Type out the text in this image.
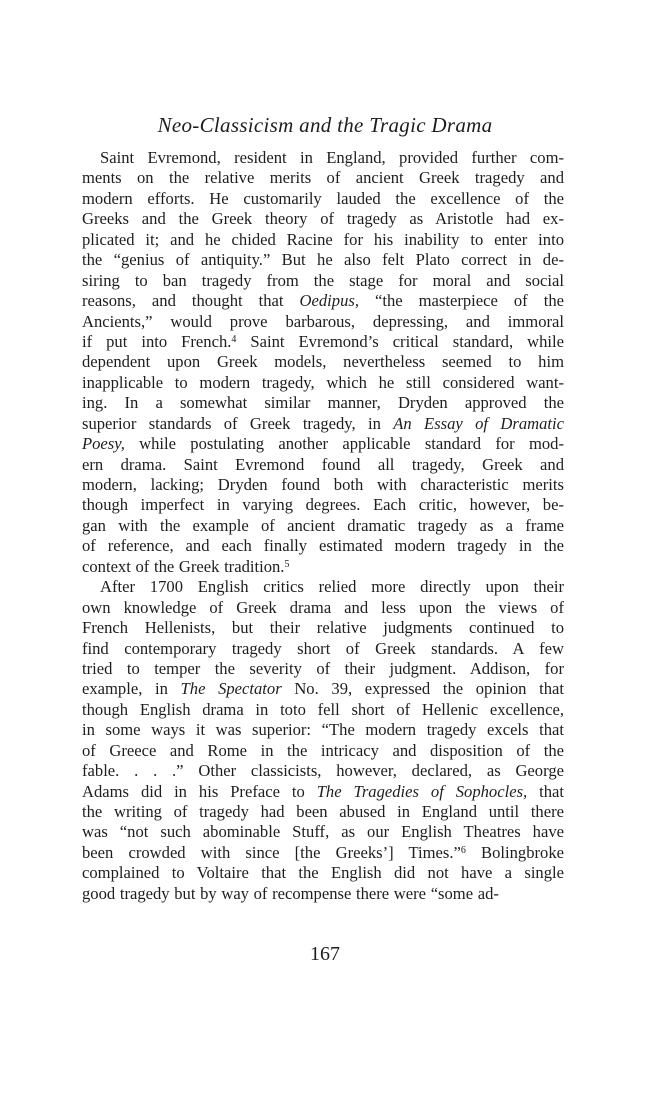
Neo-Classicism and the Tragic Drama
Saint Evremond, resident in England, provided further com-
ments on the relative merits of ancient Greek tragedy and
modern efforts. He customarily lauded the excellence of the
Greeks and the Greek theory of tragedy as Aristotle had ex-
plicated it; and he chided Racine for his inability to enter into
the “genius of antiquity.” But he also felt Plato correct in de-
siring to ban tragedy from the stage for moral and social
reasons, and thought that Oedipus, “the masterpiece of the
Ancients,” would prove barbarous, depressing, and immoral
if put into French.$^4$ Saint Evremond’s critical standard, while
dependent upon Greek models, nevertheless seemed to him
inapplicable to modern tragedy, which he still considered want-
ing. In a somewhat similar manner, Dryden approved the
superior standards of Greek tragedy, in An Essay of Dramatic
Poesy, while postulating another applicable standard for mod-
ern drama. Saint Evremond found all tragedy, Greek and
modern, lacking; Dryden found both with characteristic merits
though imperfect in varying degrees. Each critic, however, be-
gan with the example of ancient dramatic tragedy as a frame
of reference, and each finally estimated modern tragedy in the
context of the Greek tradition.$^5$
After 1700 English critics relied more directly upon their
own knowledge of Greek drama and less upon the views of
French Hellenists, but their relative judgments continued to
find contemporary tragedy short of Greek standards. A few
tried to temper the severity of their judgment. Addison, for
example, in The Spectator No. 39, expressed the opinion that
though English drama in toto fell short of Hellenic excellence,
in some ways it was superior: “The modern tragedy excels that
of Greece and Rome in the intricacy and disposition of the
fable. . . .” Other classicists, however, declared, as George
Adams did in his Preface to The Tragedies of Sophocles, that
the writing of tragedy had been abused in England until there
was “not such abominable Stuff, as our English Theatres have
been crowded with since [the Greeks’] Times.”$^6$ Bolingbroke
complained to Voltaire that the English did not have a single
good tragedy but by way of recompense there were “some ad-
167
